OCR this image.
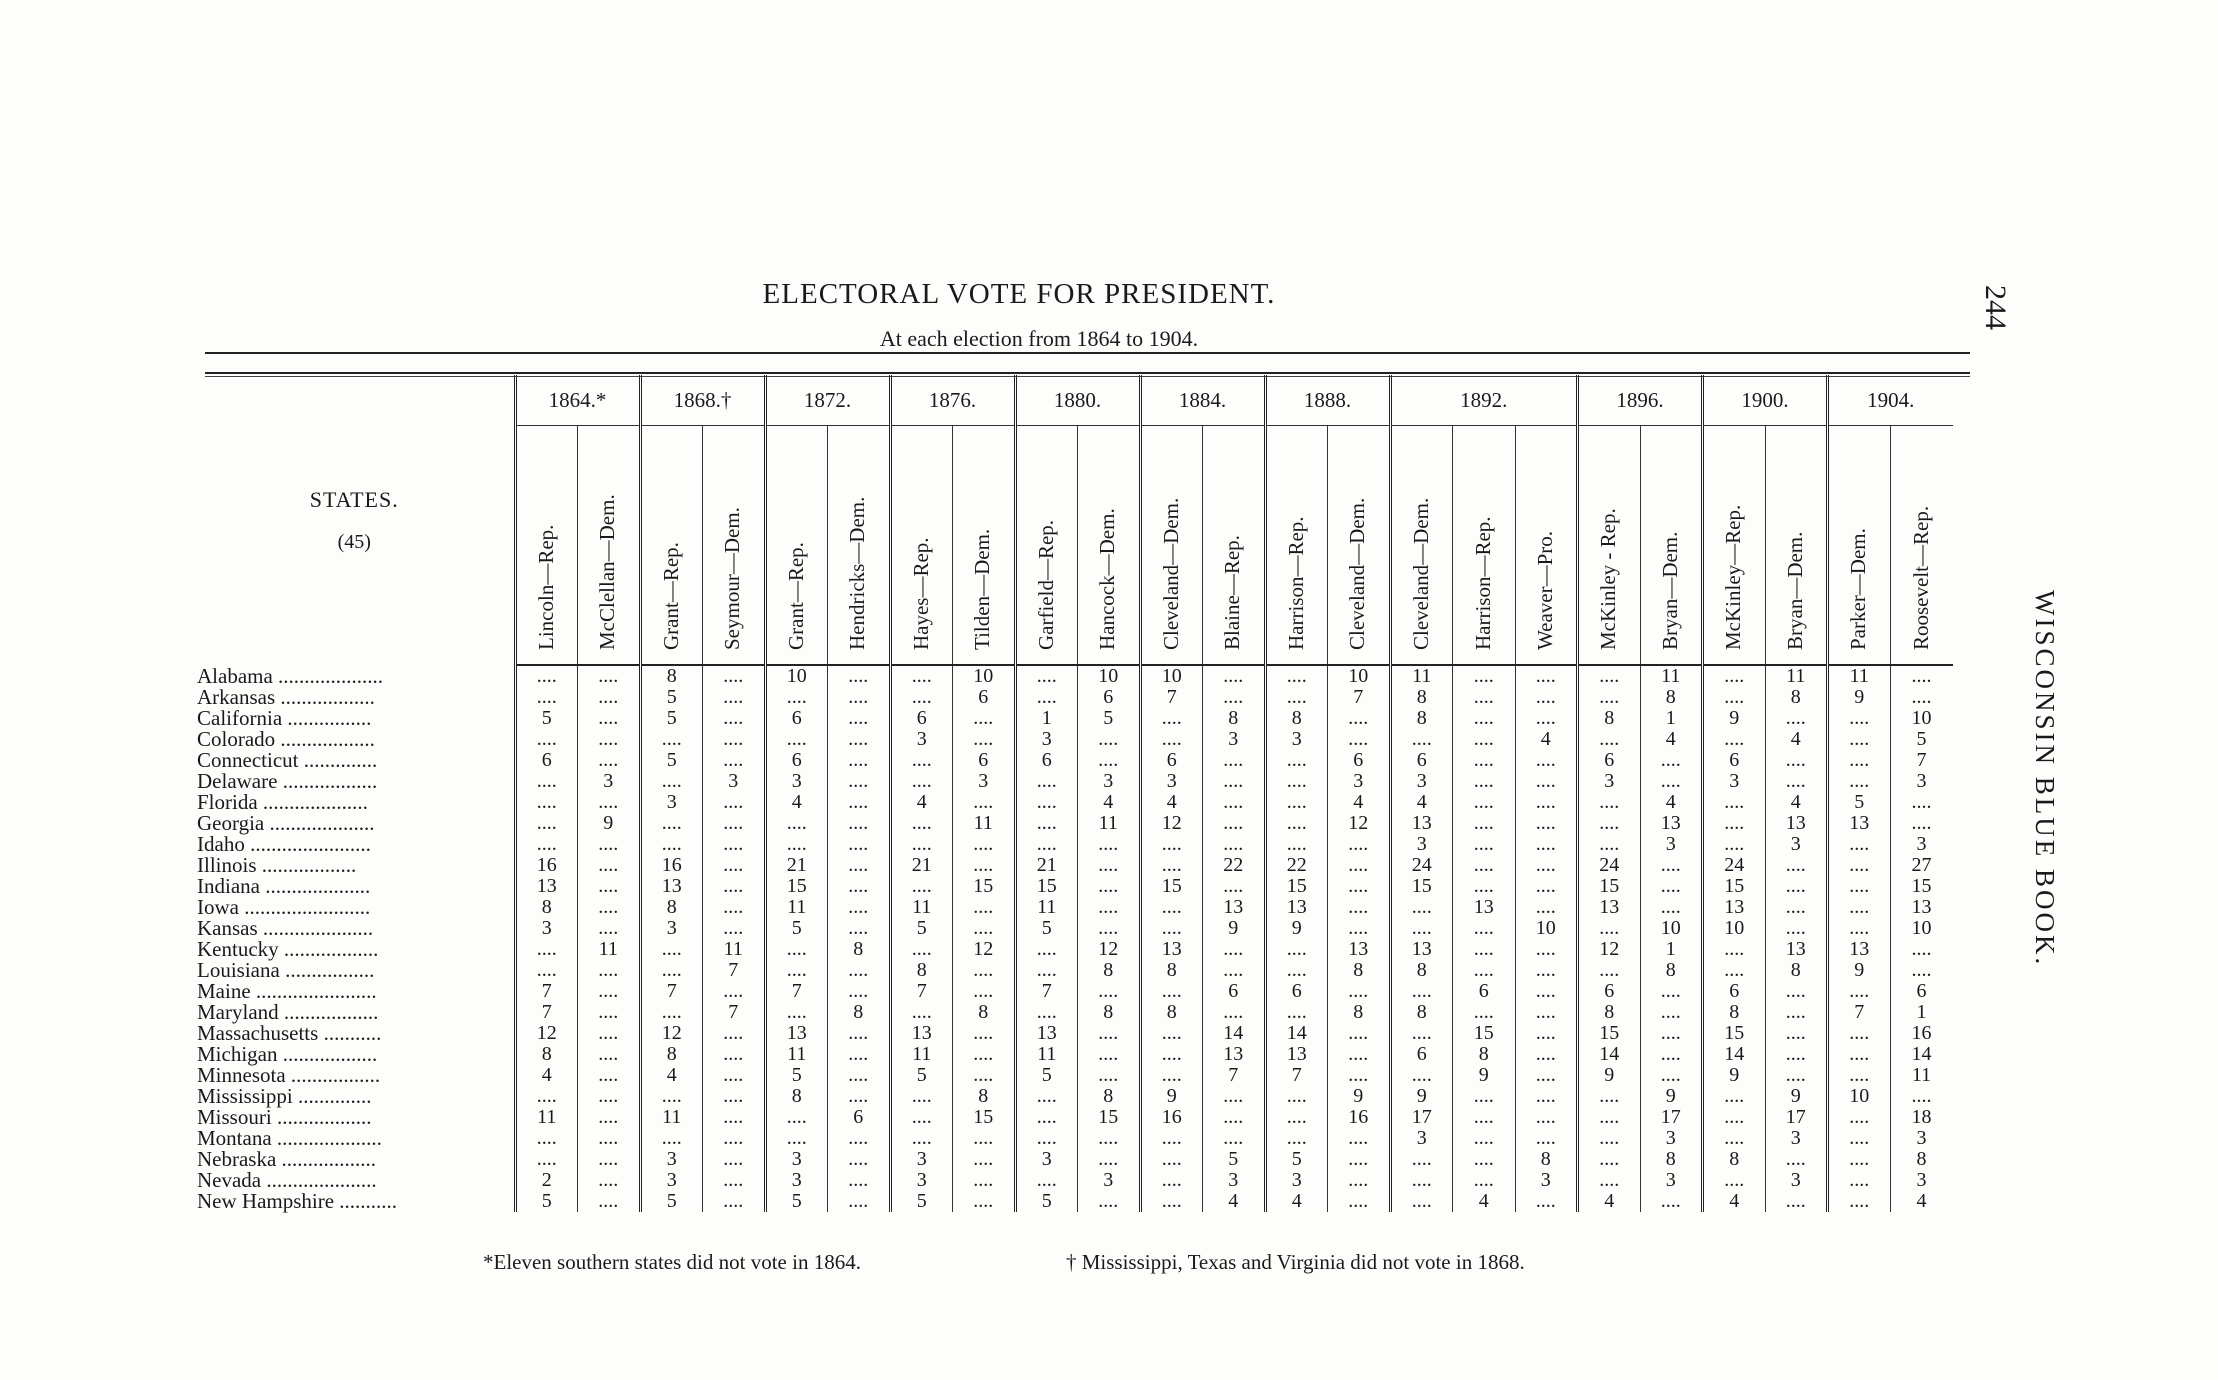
ELECTORAL VOTE FOR PRESIDENT.
At each election from 1864 to 1904.
244
WISCONSIN BLUE BOOK.
STATES.
(45)	1864.*		1868.†		1872.		1876.		1880.		1884.		1888.		1892.			1896.		1900.		1904.	

	Lincoln—Rep.	McClellan—Dem.	Grant—Rep.	Seymour—Dem.	Grant—Rep.	Hendricks—Dem.	Hayes—Rep.	Tilden—Dem.	Garfield—Rep.	Hancock—Dem.	Cleveland—Dem.	Blaine—Rep.	Harrison—Rep.	Cleveland—Dem.	Cleveland—Dem.	Harrison—Rep.	Weaver—Pro.	McKinley - Rep.	Bryan—Dem.	McKinley—Rep.	Bryan—Dem.	Parker—Dem.	Roosevelt—Rep.

Alabama ....................	....	....	8	....	10	....	....	10	....	10	10	....	....	10	11	....	....	....	11	....	11	11	....
Arkansas ..................	....	....	5	....	....	....	....	6	....	6	7	....	....	7	8	....	....	....	8	....	8	9	....
California ................	5	....	5	....	6	....	6	....	1	5	....	8	8	....	8	....	....	8	1	9	....	....	10
Colorado ..................	....	....	....	....	....	....	3	....	3	....	....	3	3	....	....	....	4	....	4	....	4	....	5
Connecticut ..............	6	....	5	....	6	....	....	6	6	....	6	....	....	6	6	....	....	6	....	6	....	....	7
Delaware ..................	....	3	....	3	3	....	....	3	....	3	3	....	....	3	3	....	....	3	....	3	....	....	3
Florida ....................	....	....	3	....	4	....	4	....	....	4	4	....	....	4	4	....	....	....	4	....	4	5	....
Georgia ....................	....	9	....	....	....	....	....	11	....	11	12	....	....	12	13	....	....	....	13	....	13	13	....
Idaho .......................	....	....	....	....	....	....	....	....	....	....	....	....	....	....	3	....	....	....	3	....	3	....	3
Illinois ..................	16	....	16	....	21	....	21	....	21	....	....	22	22	....	24	....	....	24	....	24	....	....	27
Indiana ....................	13	....	13	....	15	....	....	15	15	....	15	....	15	....	15	....	....	15	....	15	....	....	15
Iowa ........................	8	....	8	....	11	....	11	....	11	....	....	13	13	....	....	13	....	13	....	13	....	....	13
Kansas .....................	3	....	3	....	5	....	5	....	5	....	....	9	9	....	....	....	10	....	10	10	....	....	10
Kentucky ..................	....	11	....	11	....	8	....	12	....	12	13	....	....	13	13	....	....	12	1	....	13	13	....
Louisiana .................	....	....	....	7	....	....	8	....	....	8	8	....	....	8	8	....	....	....	8	....	8	9	....
Maine .......................	7	....	7	....	7	....	7	....	7	....	....	6	6	....	....	6	....	6	....	6	....	....	6
Maryland ..................	7	....	....	7	....	8	....	8	....	8	8	....	....	8	8	....	....	8	....	8	....	7	1
Massachusetts ...........	12	....	12	....	13	....	13	....	13	....	....	14	14	....	....	15	....	15	....	15	....	....	16
Michigan ..................	8	....	8	....	11	....	11	....	11	....	....	13	13	....	6	8	....	14	....	14	....	....	14
Minnesota .................	4	....	4	....	5	....	5	....	5	....	....	7	7	....	....	9	....	9	....	9	....	....	11
Mississippi ..............	....	....	....	....	8	....	....	8	....	8	9	....	....	9	9	....	....	....	9	....	9	10	....
Missouri ..................	11	....	11	....	....	6	....	15	....	15	16	....	....	16	17	....	....	....	17	....	17	....	18
Montana ....................	....	....	....	....	....	....	....	....	....	....	....	....	....	....	3	....	....	....	3	....	3	....	3
Nebraska ..................	....	....	3	....	3	....	3	....	3	....	....	5	5	....	....	....	8	....	8	8	....	....	8
Nevada .....................	2	....	3	....	3	....	3	....	....	3	....	3	3	....	....	....	3	....	3	....	3	....	3
New Hampshire ...........	5	....	5	....	5	....	5	....	5	....	....	4	4	....	....	4	....	4	....	4	....	....	4
*Eleven southern states did not vote in 1864.	† Mississippi, Texas and Virginia did not vote in 1868.
